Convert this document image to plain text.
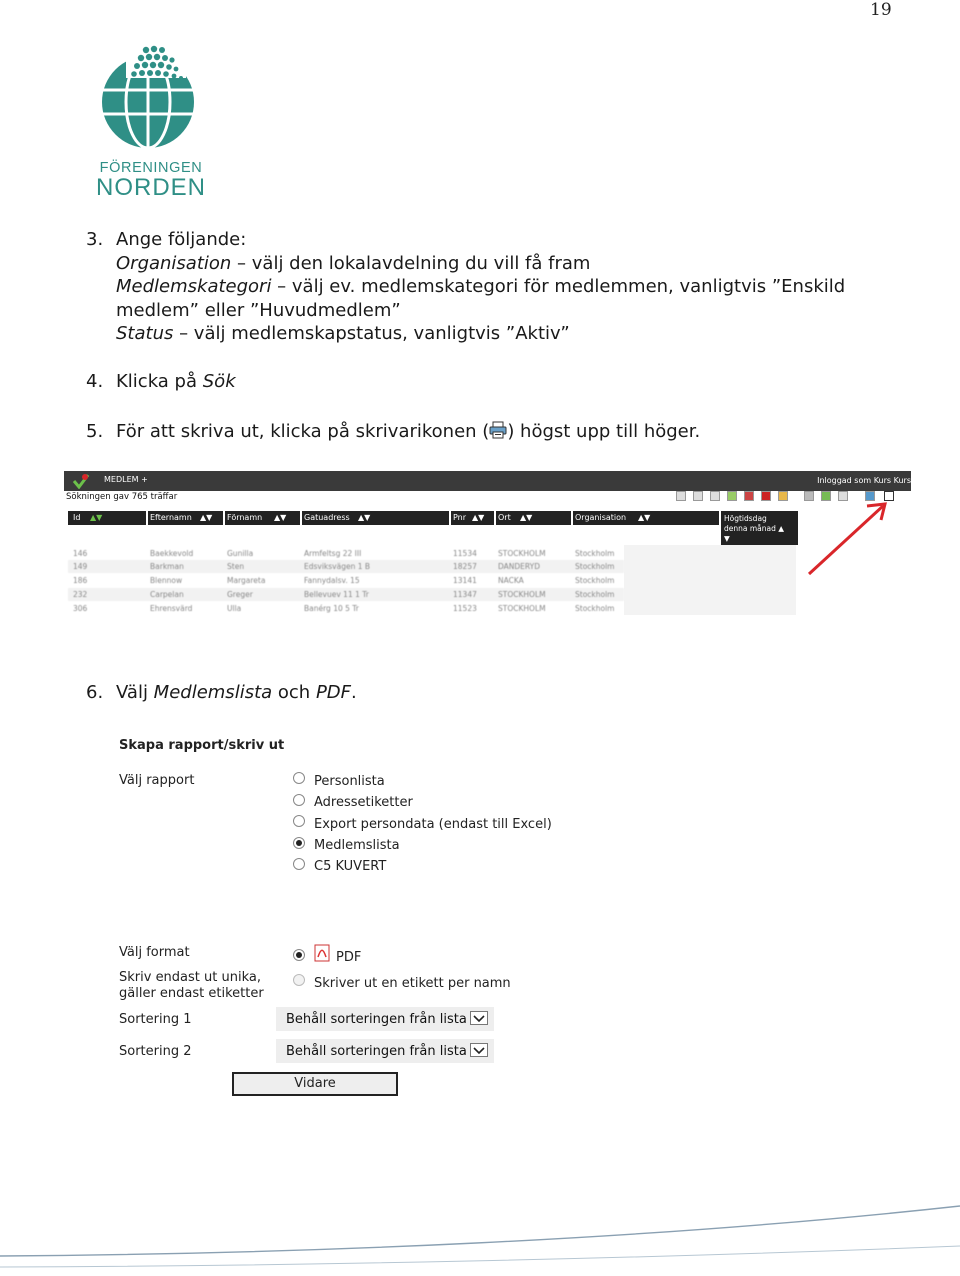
19
FÖRENINGEN
NORDEN
3. Ange följande:
Organisation – välj den lokalavdelning du vill få fram
Medlemskategori – välj ev. medlemskategori för medlemmen, vanligtvis ”Enskild
medlem” eller ”Huvudmedlem”
Status – välj medlemskapstatus, vanligtvis ”Aktiv”
4. Klicka på Sök
5. För att skriva ut, klicka på skrivarikonen ( ) högst upp till höger.
MEDLEM +	Inloggad som Kurs Kurs
Sökningen gav 765 träffar
Id ▲▼	Efternamn ▲▼ Förnamn ▲▼ Gatuadress ▲▼	Pnr ▲▼ Ort ▲▼	Organisation ▲▼	Högtidsdag
denna månad ▲
▼
146	Baekkevold	Gunilla	Armfeltsg 22 III	11534	STOCKHOLM	Stockholm
149	Barkman	Sten	Edsviksvägen 1 B	18257	DANDERYD	Stockholm
186	Blennow	Margareta	Fannydalsv. 15	13141	NACKA	Stockholm
232	Carpelan	Greger	Bellevuev 11 1 Tr	11347	STOCKHOLM	Stockholm
306	Ehrensvärd	Ulla	Banérg 10 5 Tr	11523	STOCKHOLM	Stockholm
6. Välj Medlemslista och PDF.
Skapa rapport/skriv ut
Välj rapport	Personlista
Adressetiketter
Export persondata (endast till Excel)
Medlemslista
C5 KUVERT
Välj format	PDF
Skriv endast ut unika,
gäller endast etiketter
Skriver ut en etikett per namn
Sortering 1	Behåll sorteringen från lista
Sortering 2	Behåll sorteringen från lista
Vidare
